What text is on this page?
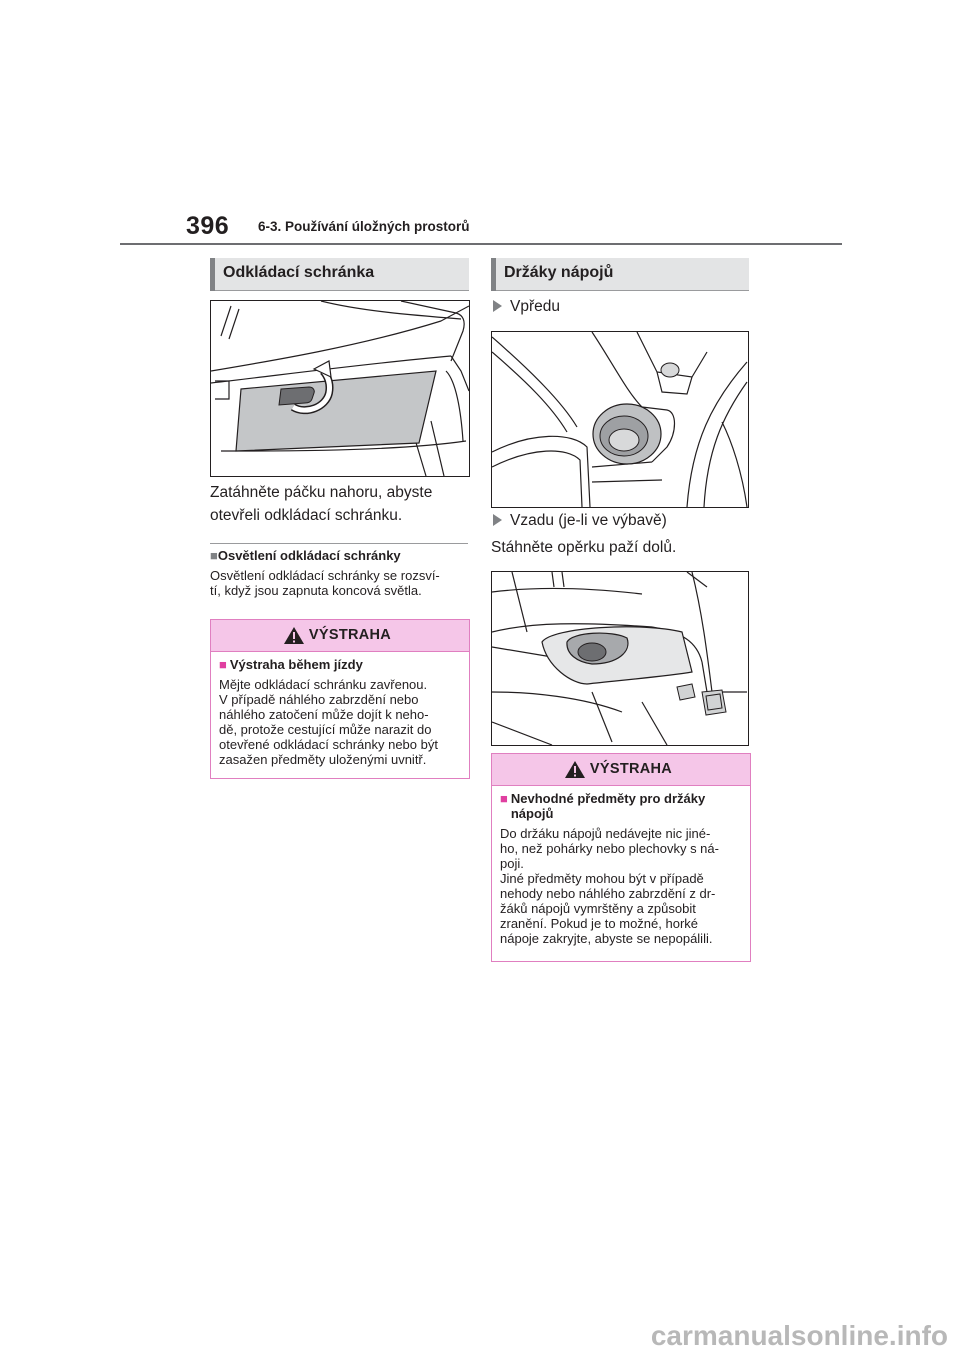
396 6-3. Používání úložných prostorů
Odkládací schránka
Zatáhněte páčku nahoru, abyste
otevřeli odkládací schránku.
■Osvětlení odkládací schránky
Osvětlení odkládací schránky se rozsví-
tí, když jsou zapnuta koncová světla.
VÝSTRAHA
■ Výstraha během jízdy
Mějte odkládací schránku zavřenou.
V případě náhlého zabrzdění nebo
náhlého zatočení může dojít k neho-
dě, protože cestující může narazit do
otevřené odkládací schránky nebo být
zasažen předměty uloženými uvnitř.
Držáky nápojů
Vpředu
Vzadu (je-li ve výbavě)
Stáhněte opěrku paží dolů.
VÝSTRAHA
■ Nevhodné předměty pro držáky
nápojů
Do držáku nápojů nedávejte nic jiné-
ho, než pohárky nebo plechovky s ná-
poji.
Jiné předměty mohou být v případě
nehody nebo náhlého zabrzdění z dr-
žáků nápojů vymrštěny a způsobit
zranění. Pokud je to možné, horké
nápoje zakryjte, abyste se nepopálili.
carmanualsonline.info
